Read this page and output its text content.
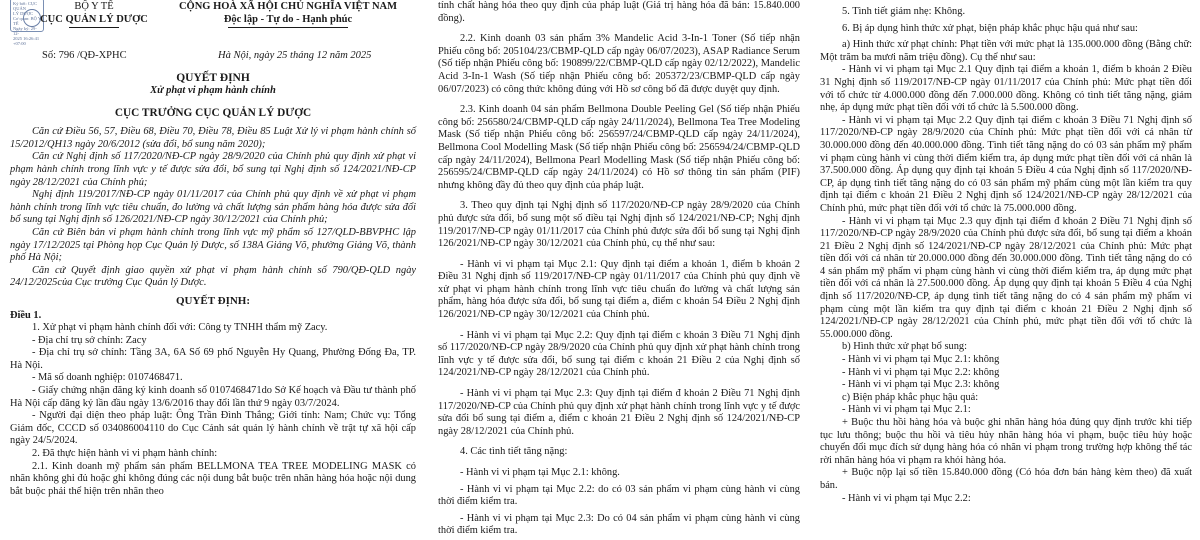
Ký bởi: CỤC QUẢN
LÝ DƯỢC
Cơ quan: BỘ Y TẾ
Ngày ký: 29-12-
2025 16:26:41
+07:00
BỘ Y TẾ
CỤC QUẢN LÝ DƯỢC
CỘNG HOÀ XÃ HỘI CHỦ NGHĨA VIỆT NAM
Độc lập - Tự do - Hạnh phúc
Số: 796 /QĐ-XPHC	Hà Nội, ngày 25 tháng 12 năm 2025
QUYẾT ĐỊNH
Xử phạt vi phạm hành chính
CỤC TRƯỞNG CỤC QUẢN LÝ DƯỢC

Căn cứ Điều 56, 57, Điều 68, Điều 70, Điều 78, Điều 85 Luật Xử lý vi phạm hành chính số 15/2012/QH13 ngày 20/6/2012 (sửa đổi, bổ sung năm 2020);

Căn cứ Nghị định số 117/2020/NĐ-CP ngày 28/9/2020 của Chính phủ quy định xử phạt vi phạm hành chính trong lĩnh vực y tế được sửa đổi, bổ sung tại Nghị định số 124/2021/NĐ-CP ngày 28/12/2021 của Chính phủ;

Nghị định 119/2017/NĐ-CP ngày 01/11/2017 của Chính phủ quy định về xử phạt vi phạm hành chính trong lĩnh vực tiêu chuẩn, đo lường và chất lượng sản phẩm hàng hóa được sửa đổi bổ sung tại Nghị định số 126/2021/NĐ-CP ngày 30/12/2021 của Chính phủ;

Căn cứ Biên bản vi phạm hành chính trong lĩnh vực mỹ phẩm số 127/QLD-BBVPHC lập ngày 17/12/2025 tại Phòng họp Cục Quản lý Dược, số 138A Giảng Võ, phường Giảng Võ, thành phố Hà Nội;

Căn cứ Quyết định giao quyền xử phạt vi phạm hành chính số 790/QĐ-QLD ngày 24/12/2025của Cục trưởng Cục Quản lý Dược.

QUYẾT ĐỊNH:

Điều 1.

1. Xử phạt vi phạm hành chính đối với: Công ty TNHH thẩm mỹ Zacy.

- Địa chỉ trụ sở chính: Zacy

- Địa chỉ trụ sở chính: Tầng 3A, 6A Số 69 phố Nguyễn Hy Quang, Phường Đống Đa, TP. Hà Nội.

- Mã số doanh nghiệp: 0107468471.

- Giấy chứng nhận đăng ký kinh doanh số 0107468471do Sở Kế hoạch và Đầu tư thành phố Hà Nội cấp đăng ký lần đầu ngày 13/6/2016 thay đổi lần thứ 9 ngày 03/7/2024.

- Người đại diện theo pháp luật: Ông Trần Đình Thắng; Giới tính: Nam; Chức vụ: Tổng Giám đốc, CCCD số 034086004110 do Cục Cảnh sát quản lý hành chính về trật tự xã hội cấp ngày 24/5/2024.

2. Đã thực hiện hành vi vi phạm hành chính:

2.1. Kinh doanh mỹ phẩm sản phẩm BELLMONA TEA TREE MODELING MASK có nhãn không ghi đủ hoặc ghi không đúng các nội dung bắt buộc trên nhãn hàng hóa hoặc nội dung bắt buộc phải thể hiện trên nhãn theo

tính chất hàng hóa theo quy định của pháp luật (Giá trị hàng hóa đã bán: 15.840.000 đồng).

2.2. Kinh doanh 03 sản phẩm 3% Mandelic Acid 3-In-1 Toner (Số tiếp nhận Phiếu công bố: 205104/23/CBMP-QLD cấp ngày 06/07/2023), ASAP Radiance Serum (Số tiếp nhận Phiếu công bố: 190899/22/CBMP-QLD cấp ngày 02/12/2022), Mandelic Acid 3-In-1 Wash (Số tiếp nhận Phiếu công bố: 205372/23/CBMP-QLD cấp ngày 06/07/2023) có công thức không đúng với Hồ sơ công bố đã được duyệt quy định.

2.3. Kinh doanh 04 sản phẩm Bellmona Double Peeling Gel (Số tiếp nhận Phiếu công bố: 256580/24/CBMP-QLD cấp ngày 24/11/2024), Bellmona Tea Tree Modeling Mask (Số tiếp nhận Phiếu công bố: 256597/24/CBMP-QLD cấp ngày 24/11/2024), Bellmona Cool Modelling Mask (Số tiếp nhận Phiếu công bố: 256594/24/CBMP-QLD cấp ngày 24/11/2024), Bellmona Pearl Modelling Mask (Số tiếp nhận Phiếu công bố: 256595/24/CBMP-QLD cấp ngày 24/11/2024) có Hồ sơ thông tin sản phẩm (PIF) nhưng không đầy đủ theo quy định của pháp luật.

3. Theo quy định tại Nghị định số 117/2020/NĐ-CP ngày 28/9/2020 của Chính phủ được sửa đổi, bổ sung một số điều tại Nghị định số 124/2021/NĐ-CP; Nghị định 119/2017/NĐ-CP ngày 01/11/2017 của Chính phủ được sửa đổi bổ sung tại Nghị định 126/2021/NĐ-CP ngày 30/12/2021 của Chính phủ, cụ thể như sau:

- Hành vi vi phạm tại Mục 2.1: Quy định tại điểm a khoản 1, điểm b khoản 2 Điều 31 Nghị định số 119/2017/NĐ-CP ngày 01/11/2017 của Chính phủ quy định về xử phạt vi phạm hành chính trong lĩnh vực tiêu chuẩn đo lường và chất lượng sản phẩm, hàng hóa được sửa đổi, bổ sung tại điểm a, điểm c khoản 54 Điều 2 Nghị định 126/2021/NĐ-CP ngày 30/12/2021 của Chính phủ.

- Hành vi vi phạm tại Mục 2.2: Quy định tại điểm c khoản 3 Điều 71 Nghị định số 117/2020/NĐ-CP ngày 28/9/2020 của Chính phủ quy định xử phạt hành chính trong lĩnh vực y tế được sửa đổi, bổ sung tại điểm c khoản 21 Điều 2 của Nghị định số 124/2021/NĐ-CP ngày 28/12/2021 của Chính phủ.

- Hành vi vi phạm tại Mục 2.3: Quy định tại điểm đ khoản 2 Điều 71 Nghị định 117/2020/NĐ-CP của Chính phủ quy định xử phạt hành chính trong lĩnh vực y tế được sửa đổi bổ sung tại điểm a, điểm c khoản 21 Điều 2 Nghị định số 124/2021/NĐ-CP ngày 28/12/2021 của Chính phủ.

4. Các tình tiết tăng nặng:

- Hành vi vi phạm tại Mục 2.1: không.

- Hành vi vi phạm tại Mục 2.2: do có 03 sản phẩm vi phạm cùng hành vi cùng thời điểm kiểm tra.

- Hành vi vi phạm tại Mục 2.3: Do có 04 sản phẩm vi phạm cùng hành vi cùng thời điểm kiểm tra.

5. Tình tiết giảm nhẹ: Không.

6. Bị áp dụng hình thức xử phạt, biện pháp khắc phục hậu quả như sau:

a) Hình thức xử phạt chính: Phạt tiền với mức phạt là 135.000.000 đồng (Bằng chữ: Một trăm ba mươi năm triệu đồng). Cụ thể như sau:

- Hành vi vi phạm tại Mục 2.1 Quy định tại điểm a khoản 1, điểm b khoản 2 Điều 31 Nghị định số 119/2017/NĐ-CP ngày 01/11/2017 của Chính phủ: Mức phạt tiền đối với tổ chức từ 4.000.000 đồng đến 7.000.000 đồng. Không có tình tiết tăng nặng, giảm nhẹ, áp dụng mức phạt tiền đối với tổ chức là 5.500.000 đồng.

- Hành vi vi phạm tại Mục 2.2 Quy định tại điểm c khoản 3 Điều 71 Nghị định số 117/2020/NĐ-CP ngày 28/9/2020 của Chính phủ: Mức phạt tiền đối với cá nhân từ 30.000.000 đồng đến 40.000.000 đồng. Tình tiết tăng nặng do có 03 sản phẩm mỹ phẩm vi phạm cùng hành vi cùng thời điểm kiểm tra, áp dụng mức phạt tiền đối với cá nhân là 37.500.000 đồng. Áp dụng quy định tại khoản 5 Điều 4 của Nghị định số 117/2020/NĐ-CP, áp dụng tình tiết tăng nặng do có 03 sản phẩm mỹ phẩm cùng một lần kiểm tra quy định tại điểm c khoản 21 Điều 2 Nghị định số 124/2021/NĐ-CP ngày 28/12/2021 của Chính phủ, mức phạt tiền đối với tổ chức là 75.000.000 đồng.

- Hành vi vi phạm tại Mục 2.3 quy định tại điểm đ khoản 2 Điều 71 Nghị định số 117/2020/NĐ-CP ngày 28/9/2020 của Chính phủ được sửa đổi, bổ sung tại điểm a khoản 21 Điều 2 Nghị định số 124/2021/NĐ-CP ngày 28/12/2021 của Chính phủ: Mức phạt tiền đối với cá nhân từ 20.000.000 đồng đến 30.000.000 đồng. Tình tiết tăng nặng do có 4 sản phẩm mỹ phẩm vi phạm cùng hành vi cùng thời điểm kiểm tra, áp dụng mức phạt tiền đối với cá nhân là 27.500.000 đồng. Áp dụng quy định tại khoản 5 Điều 4 của Nghị định số 117/2020/NĐ-CP, áp dụng tình tiết tăng nặng do có 4 sản phẩm mỹ phẩm vi phạm cùng một lần kiểm tra quy định tại điểm c khoản 21 Điều 2 Nghị định số 124/2021/NĐ-CP ngày 28/12/2021 của Chính phủ, mức phạt tiền đối với tổ chức là 55.000.000 đồng.

b) Hình thức xử phạt bổ sung:

- Hành vi vi phạm tại Mục 2.1: không

- Hành vi vi phạm tại Mục 2.2: không

- Hành vi vi phạm tại Mục 2.3: không

c) Biện pháp khắc phục hậu quả:

- Hành vi vi phạm tại Mục 2.1:

+ Buộc thu hồi hàng hóa và buộc ghi nhãn hàng hóa đúng quy định trước khi tiếp tục lưu thông; buộc thu hồi và tiêu hủy nhãn hàng hóa vi phạm, buộc tiêu hủy hoặc chuyển đổi mục đích sử dụng hàng hóa có nhãn vi phạm trong trường hợp không thể tác rời nhãn hàng hóa vi phạm ra khỏi hàng hóa.

+ Buộc nộp lại số tiền 15.840.000 đồng (Có hóa đơn bán hàng kèm theo) đã xuất bán.

- Hành vi vi phạm tại Mục 2.2:
